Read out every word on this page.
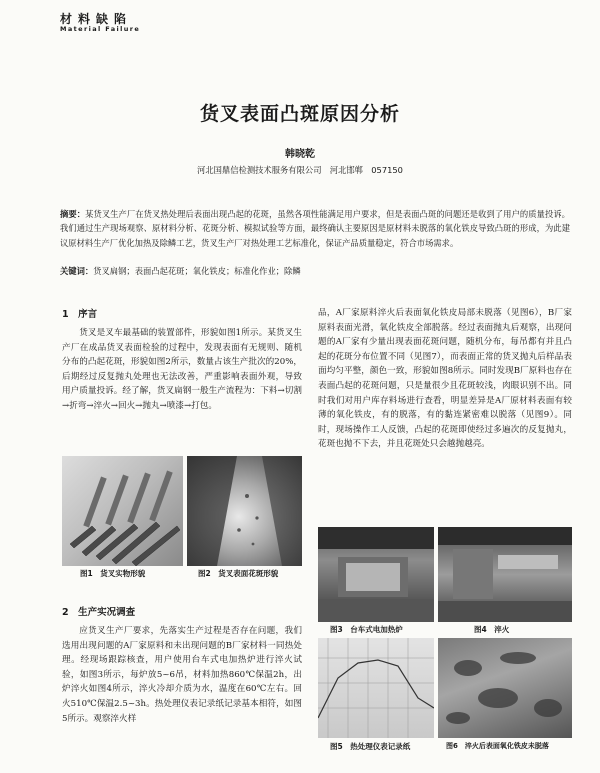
材料缺陷
Material Failure
货叉表面凸斑原因分析
韩晓乾
河北国鼎信检测技术服务有限公司　河北邯郸　057150
摘要：某货叉生产厂在货叉热处理后表面出现凸起的花斑，虽然各项性能满足用户要求，但是表面凸斑的问题还是收到了用户的质量投诉。我们通过生产现场观察、原材料分析、花斑分析、模拟试验等方面，最终确认主要原因是原材料未脱落的氧化铁皮导致凸斑的形成，为此建议原材料生产厂优化加热及除鳞工艺，货叉生产厂对热处理工艺标准化，保证产品质量稳定，符合市场需求。
关键词：货叉扁钢；表面凸起花斑；氧化铁皮；标准化作业；除鳞
1　序言
货叉是叉车最基础的装置部件，形貌如图1所示。某货叉生产厂在成品货叉表面检验的过程中，发现表面有无规则、随机分布的凸起花斑，形貌如图2所示，数量占该生产批次的20%，后期经过反复抛丸处理也无法改善，严重影响表面外观，导致用户质量投诉。经了解，货叉扁钢一般生产流程为：下料→切割→折弯→淬火→回火→抛丸→喷漆→打包。
图1　货叉实物形貌	图2　货叉表面花斑形貌
2　生产实况调查
应货叉生产厂要求，先落实生产过程是否存在问题，我们选用出现问题的A厂家原料和未出现问题的B厂家材料一同热处理。经现场跟踪核查，用户使用台车式电加热炉进行淬火试验，如图3所示，每炉放5~6吊，材料加热860℃保温2h，出炉淬火如图4所示，淬火冷却介质为水，温度在60℃左右。回火510℃保温2.5~3h。热处理仪表记录纸记录基本相符，如图5所示。观察淬火样
品，A厂家原料淬火后表面氧化铁皮局部未脱落（见图6），B厂家原料表面光滑，氧化铁皮全部脱落。经过表面抛丸后观察，出现问题的A厂家有少量出现表面花斑问题，随机分布，每吊都有并且凸起的花斑分布位置不同（见图7），而表面正常的货叉抛丸后样品表面均匀平整，颜色一致，形貌如图8所示。同时发现B厂原料也存在表面凸起的花斑问题，只是量很少且花斑较浅，肉眼识别不出。同时我们对用户库存料场进行查看，明显差异是A厂原材料表面有较薄的氧化铁皮，有的脱落，有的黏连紧密难以脱落（见图9）。同时，现场操作工人反馈，凸起的花斑即使经过多遍次的反复抛丸，花斑也抛不下去，并且花斑处只会越抛越亮。
图3　台车式电加热炉	图4　淬火
图5　热处理仪表记录纸	图6　淬火后表面氧化铁皮未脱落
